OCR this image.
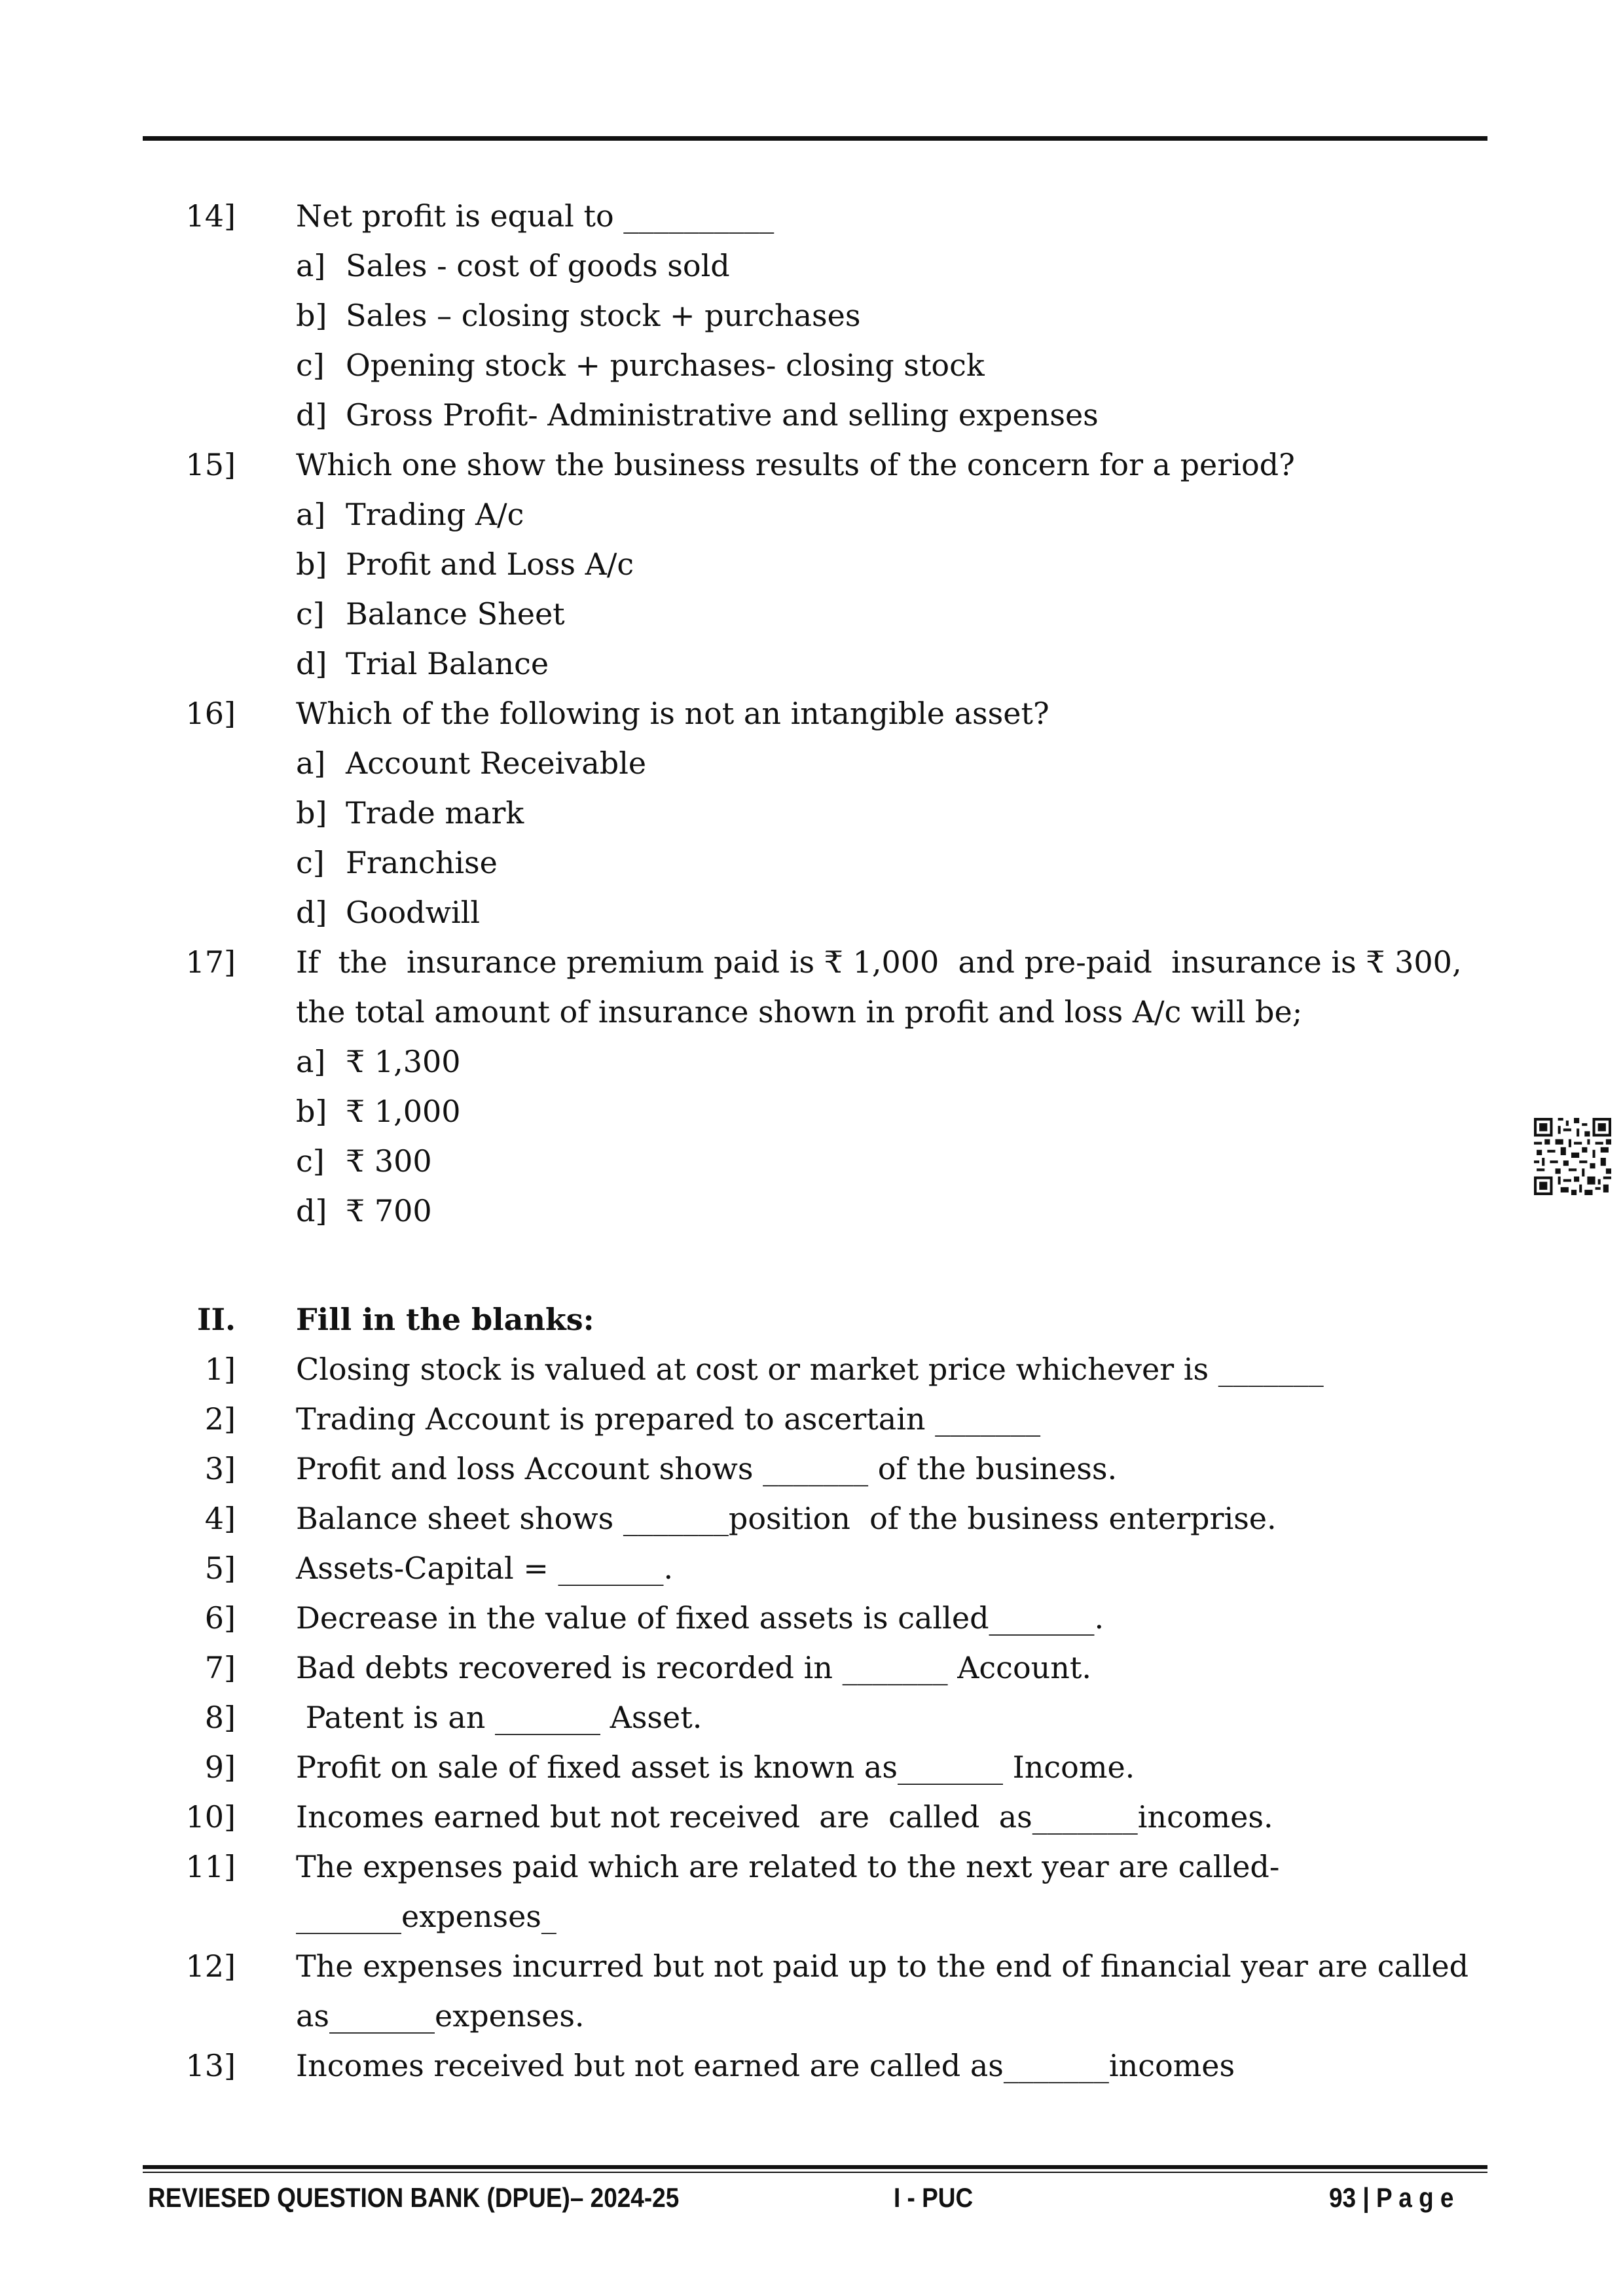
14] Net profit is equal to __________
a] Sales - cost of goods sold
b] Sales – closing stock + purchases
c] Opening stock + purchases- closing stock
d] Gross Profit- Administrative and selling expenses
15] Which one show the business results of the concern for a period?
a] Trading A/c
b] Profit and Loss A/c
c] Balance Sheet
d] Trial Balance
16] Which of the following is not an intangible asset?
a] Account Receivable
b] Trade mark
c] Franchise
d] Goodwill
17] If  the  insurance premium paid is ₹ 1,000  and pre-paid  insurance is ₹ 300,
the total amount of insurance shown in profit and loss A/c will be;
a] ₹ 1,300
b] ₹ 1,000
c] ₹ 300
d] ₹ 700
II. Fill in the blanks:
1] Closing stock is valued at cost or market price whichever is _______
2] Trading Account is prepared to ascertain _______
3] Profit and loss Account shows _______ of the business.
4] Balance sheet shows _______position  of the business enterprise.
5] Assets-Capital = _______.
6] Decrease in the value of fixed assets is called_______.
7] Bad debts recovered is recorded in _______ Account.
8] Patent is an _______ Asset.
9] Profit on sale of fixed asset is known as_______ Income.
10] Incomes earned but not received  are  called  as_______incomes.
11] The expenses paid which are related to the next year are called-
_______expenses_
12] The expenses incurred but not paid up to the end of financial year are called
as_______expenses.
13] Incomes received but not earned are called as_______incomes
REVIESED QUESTION BANK (DPUE)– 2024-25	I - PUC	93 | P a g e
